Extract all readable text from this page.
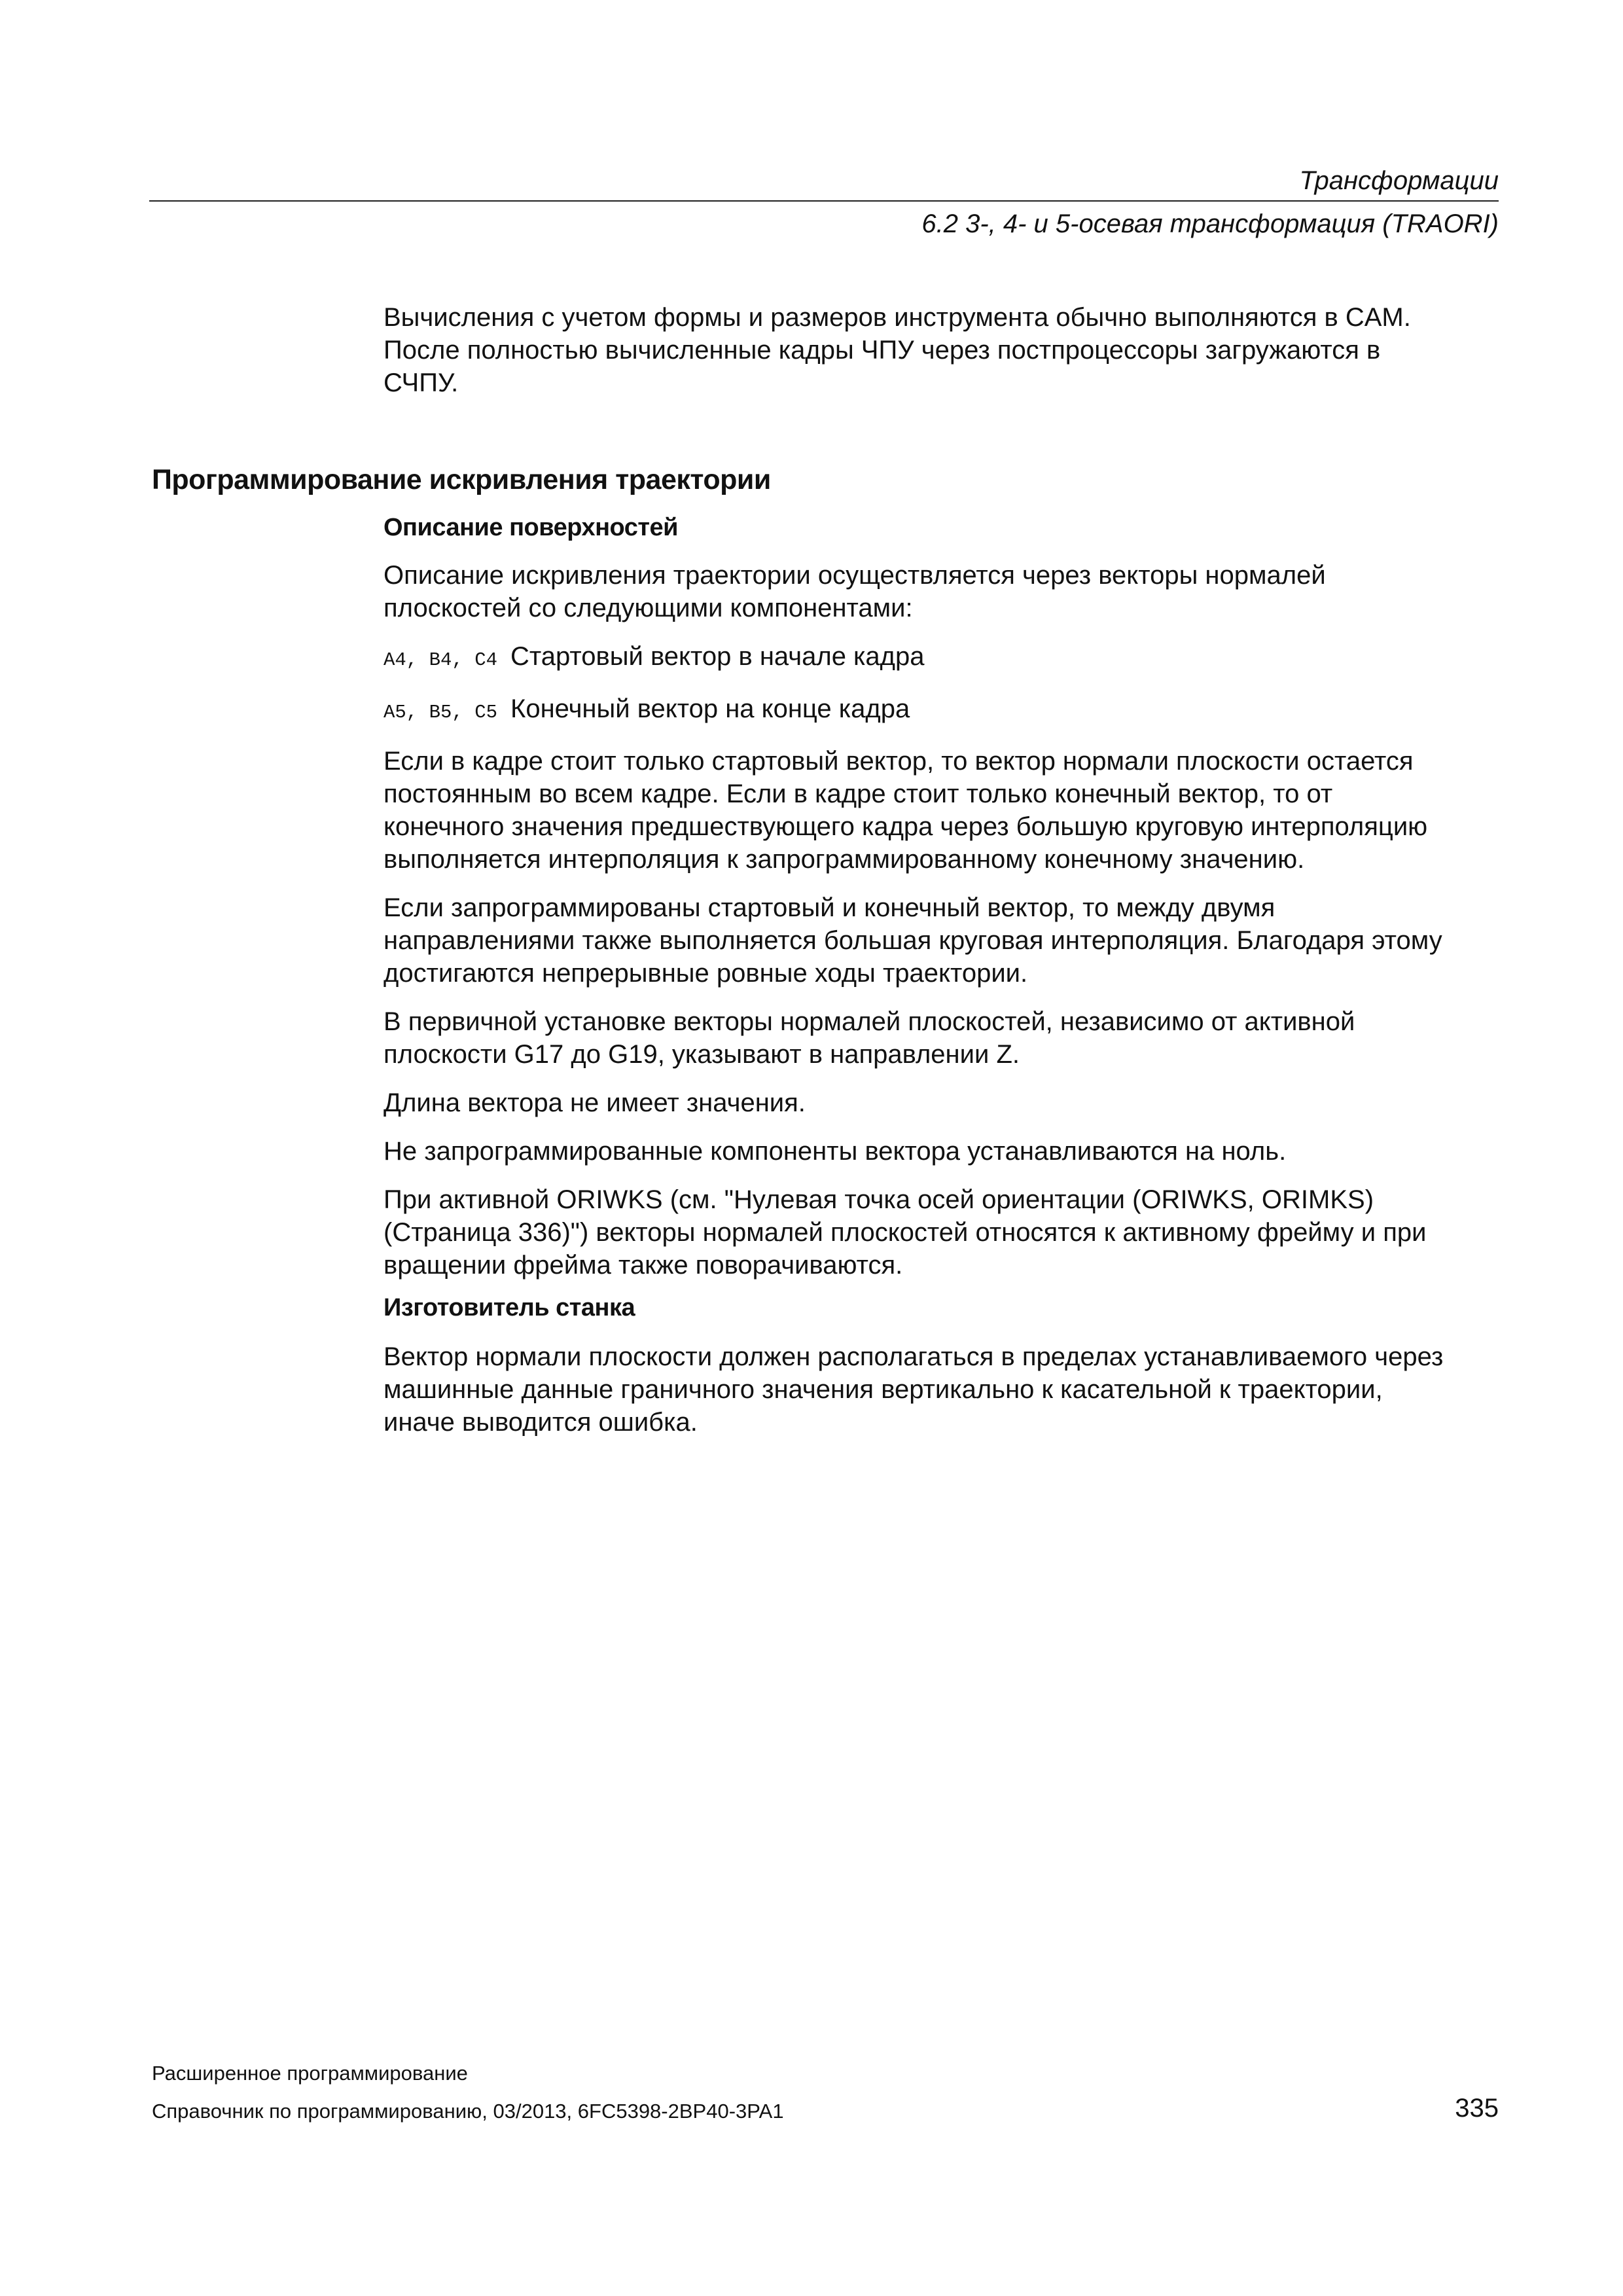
Трансформации
6.2 3-, 4- и 5-осевая трансформация (TRAORI)

Вычисления с учетом формы и размеров инструмента обычно выполняются в CAM.

После полностью вычисленные кадры ЧПУ через постпроцессоры загружаются в

СЧПУ.

Программирование искривления траектории
Описание поверхностей

Описание искривления траектории осуществляется через векторы нормалей

плоскостей со следующими компонентами:

A4, B4, C4 Стартовый вектор в начале кадра
A5, B5, C5 Конечный вектор на конце кадра

Если в кадре стоит только стартовый вектор, то вектор нормали плоскости остается

постоянным во всем кадре. Если в кадре стоит только конечный вектор, то от

конечного значения предшествующего кадра через большую круговую интерполяцию

выполняется интерполяция к запрограммированному конечному значению.

Если запрограммированы стартовый и конечный вектор, то между двумя

направлениями также выполняется большая круговая интерполяция. Благодаря этому

достигаются непрерывные ровные ходы траектории.

В первичной установке векторы нормалей плоскостей, независимо от активной

плоскости G17 до G19, указывают в направлении Z.

Длина вектора не имеет значения.

Не запрограммированные компоненты вектора устанавливаются на ноль.

При активной ORIWKS (см. "Нулевая точка осей ориентации (ORIWKS, ORIMKS)

(Страница 336)") векторы нормалей плоскостей относятся к активному фрейму и при

вращении фрейма также поворачиваются.

Изготовитель станка

Вектор нормали плоскости должен располагаться в пределах устанавливаемого через

машинные данные граничного значения вертикально к касательной к траектории,

иначе выводится ошибка.

Расширенное программирование
Справочник по программированию, 03/2013, 6FC5398-2BP40-3PA1	335
